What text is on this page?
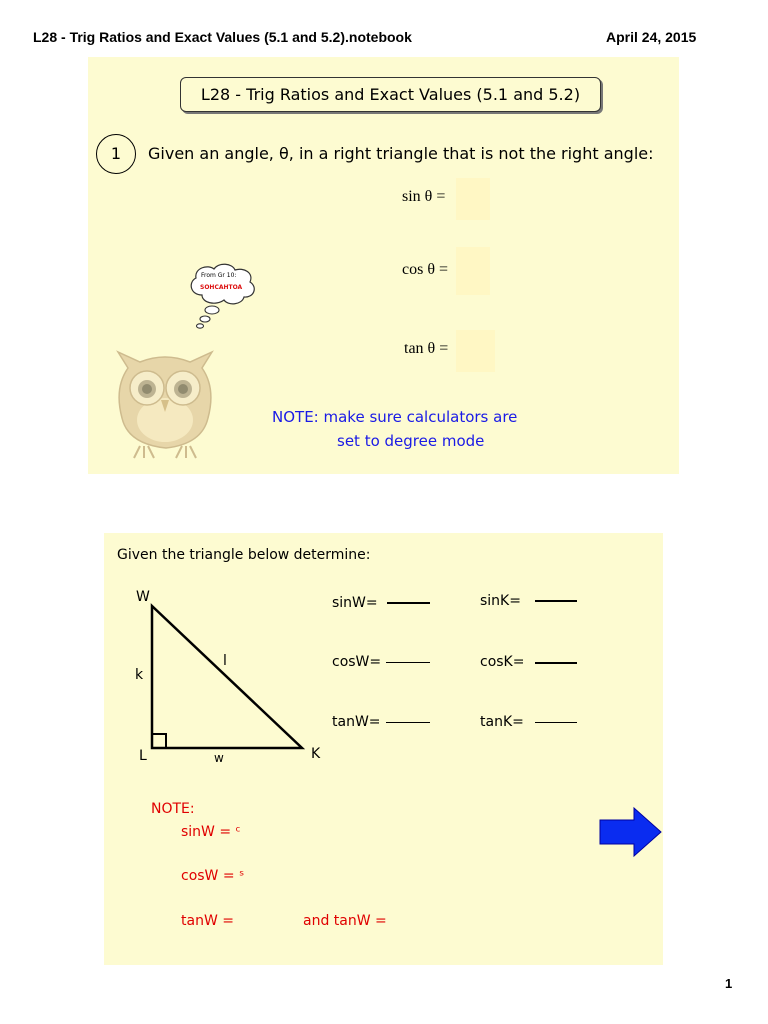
L28 - Trig Ratios and Exact Values (5.1 and 5.2).notebook	April 24, 2015
L28 - Trig Ratios and Exact Values (5.1 and 5.2)
1	Given an angle, θ, in a right triangle that is not the right angle:
sin θ =
cos θ =
tan θ =
From Gr 10:
SOHCAHTOA
NOTE: make sure calculators are
set to degree mode
Given the triangle below determine:
W
L	K
k
l
w
sinW=
cosW=
tanW=
sinK=
cosK=
tanK=
NOTE:
sinW = ᶜ
cosW = ˢ
tanW =	and tanW =
1
